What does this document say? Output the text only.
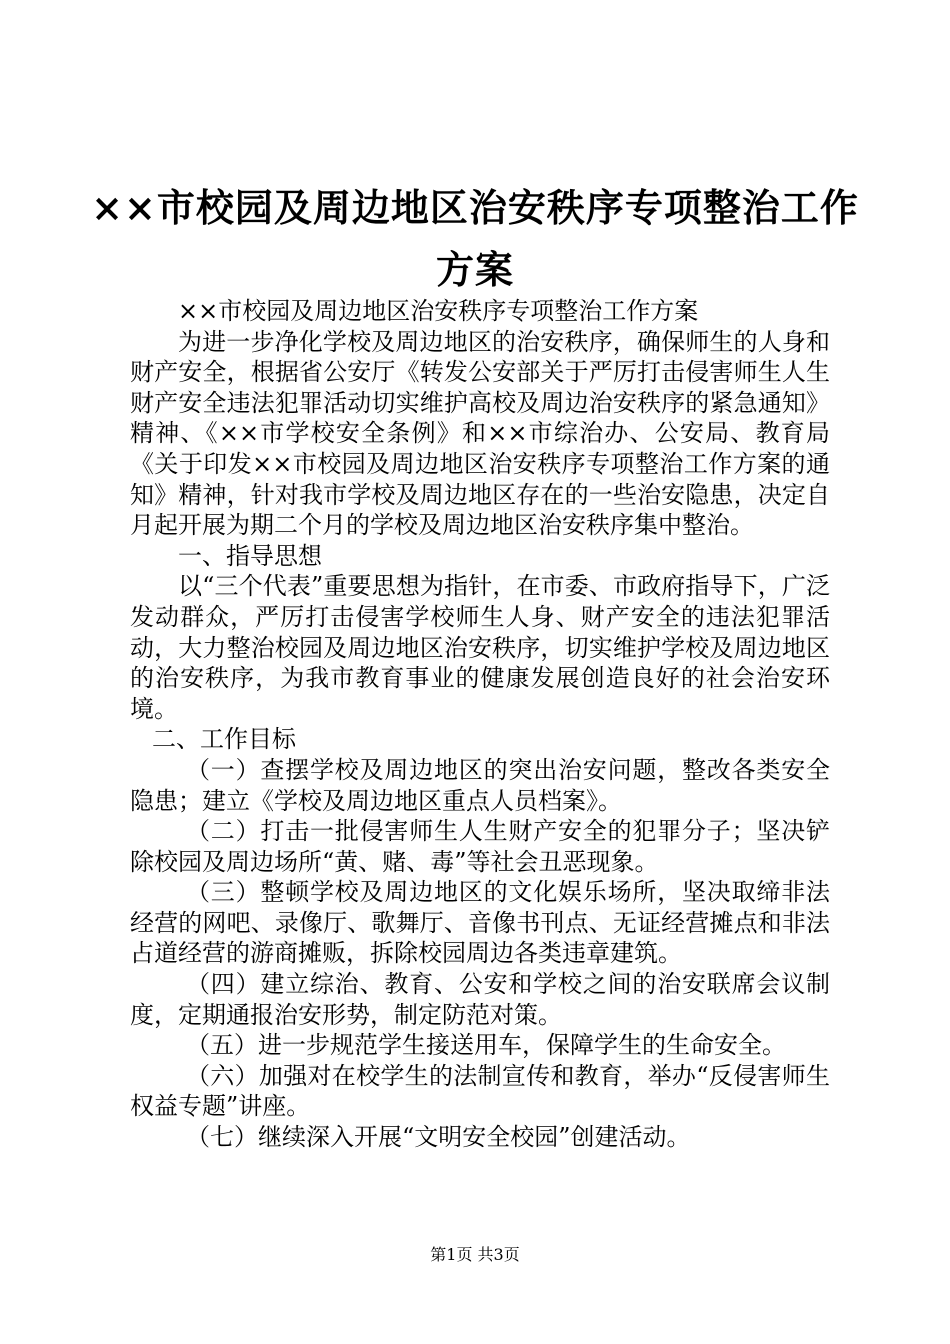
××市校园及周边地区治安秩序专项整治工作
方案

××市校园及周边地区治安秩序专项整治工作方案

为进一步净化学校及周边地区的治安秩序，确保师生的人身和财产安全，根据省公安厅《转发公安部关于严厉打击侵害师生人生财产安全违法犯罪活动切实维护高校及周边治安秩序的紧急通知》精神、《××市学校安全条例》和××市综治办、公安局、教育局《关于印发××市校园及周边地区治安秩序专项整治工作方案的通知》精神，针对我市学校及周边地区存在的一些治安隐患，决定自月起开展为期二个月的学校及周边地区治安秩序集中整治。

一、指导思想

以“三个代表”重要思想为指针，在市委、市政府指导下，广泛发动群众，严厉打击侵害学校师生人身、财产安全的违法犯罪活动，大力整治校园及周边地区治安秩序，切实维护学校及周边地区的治安秩序，为我市教育事业的健康发展创造良好的社会治安环境。

二、工作目标

（一）查摆学校及周边地区的突出治安问题，整改各类安全隐患；建立《学校及周边地区重点人员档案》。

（二）打击一批侵害师生人生财产安全的犯罪分子；坚决铲除校园及周边场所“黄、赌、毒”等社会丑恶现象。

（三）整顿学校及周边地区的文化娱乐场所，坚决取缔非法经营的网吧、录像厅、歌舞厅、音像书刊点、无证经营摊点和非法占道经营的游商摊贩，拆除校园周边各类违章建筑。

（四）建立综治、教育、公安和学校之间的治安联席会议制度，定期通报治安形势，制定防范对策。

（五）进一步规范学生接送用车，保障学生的生命安全。

（六）加强对在校学生的法制宣传和教育，举办“反侵害师生权益专题”讲座。

（七）继续深入开展“文明安全校园”创建活动。

第1页 共3页
